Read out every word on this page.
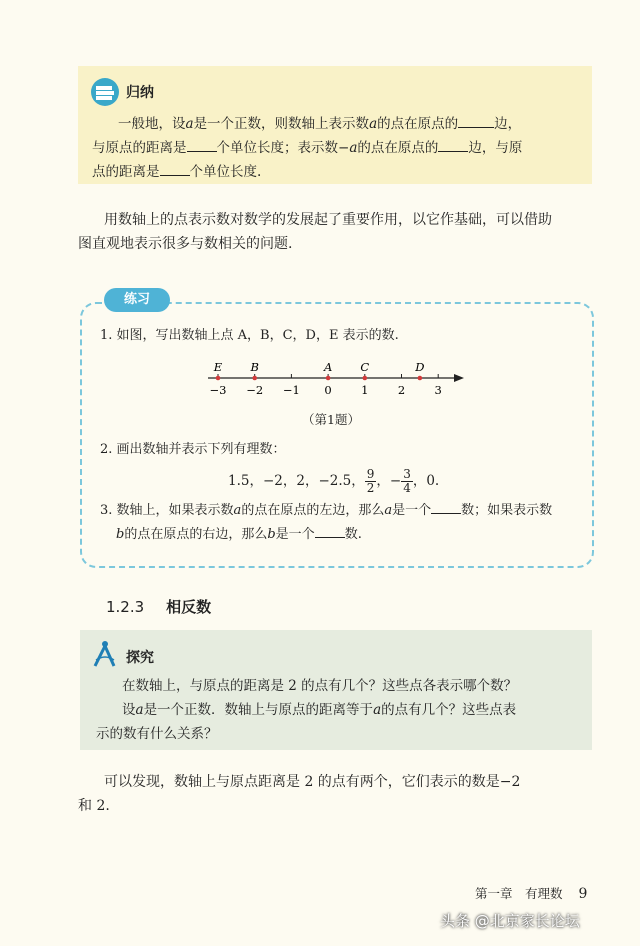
归纳
一般地，设a是一个正数，则数轴上表示数a的点在原点的	边，
与原点的距离是 个单位长度；表示数−a的点在原点的 边，与原
点的距离是 个单位长度.
用数轴上的点表示数对数学的发展起了重要作用，以它作基础，可以借助
图直观地表示很多与数相关的问题.
练习
1. 如图，写出数轴上点 A，B，C，D，E 表示的数.
−3 −2 −1 0	1	2	3
E B	A C	D
（第1题）
2. 画出数轴并表示下列有理数：
1.5，−2，2，−2.5， $\frac{9}{2}$ ，− $\frac{3}{4}$ ，0.
3. 数轴上，如果表示数a的点在原点的左边，那么a是一个 数；如果表示数
b的点在原点的右边，那么b是一个 数.
1.2.3 相反数
探究
在数轴上，与原点的距离是 2 的点有几个？这些点各表示哪个数？
设a是一个正数．数轴上与原点的距离等于a的点有几个？这些点表
示的数有什么关系？
可以发现，数轴上与原点距离是 2 的点有两个，它们表示的数是−2
和 2.
第一章　有理数 9
头条 @北京家长论坛
